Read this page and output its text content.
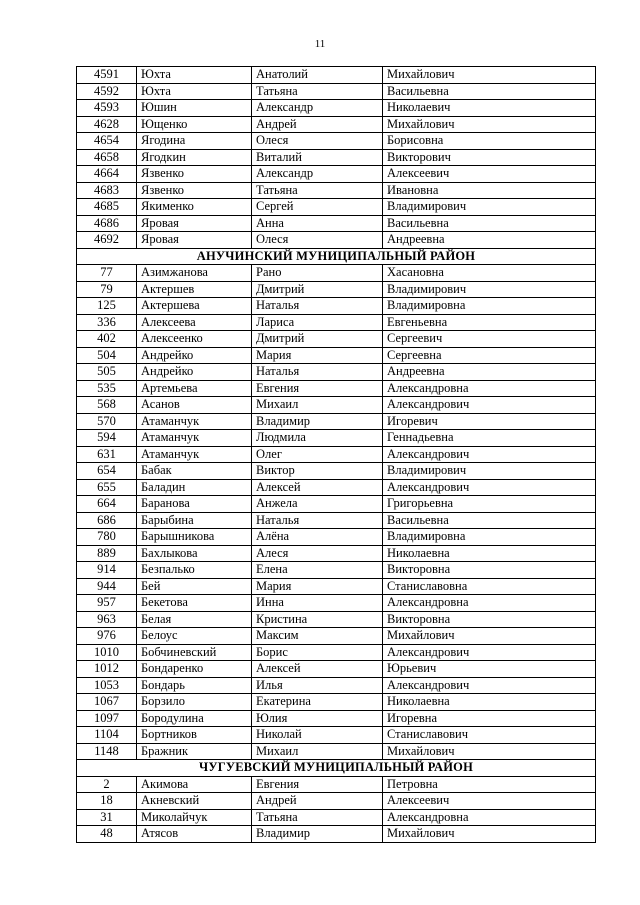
11
4591	Юхта	Анатолий	Михайлович
4592	Юхта	Татьяна	Васильевна
4593	Юшин	Александр	Николаевич
4628	Ющенко	Андрей	Михайлович
4654	Ягодина	Олеся	Борисовна
4658	Ягодкин	Виталий	Викторович
4664	Язвенко	Александр	Алексеевич
4683	Язвенко	Татьяна	Ивановна
4685	Якименко	Сергей	Владимирович
4686	Яровая	Анна	Васильевна
4692	Яровая	Олеся	Андреевна
АНУЧИНСКИЙ МУНИЦИПАЛЬНЫЙ РАЙОН			
77	Азимжанова	Рано	Хасановна
79	Актершев	Дмитрий	Владимирович
125	Актершева	Наталья	Владимировна
336	Алексеева	Лариса	Евгеньевна
402	Алексеенко	Дмитрий	Сергеевич
504	Андрейко	Мария	Сергеевна
505	Андрейко	Наталья	Андреевна
535	Артемьева	Евгения	Александровна
568	Асанов	Михаил	Александрович
570	Атаманчук	Владимир	Игоревич
594	Атаманчук	Людмила	Геннадьевна
631	Атаманчук	Олег	Александрович
654	Бабак	Виктор	Владимирович
655	Баладин	Алексей	Александрович
664	Баранова	Анжела	Григорьевна
686	Барыбина	Наталья	Васильевна
780	Барышникова	Алёна	Владимировна
889	Бахлыкова	Алеся	Николаевна
914	Безпалько	Елена	Викторовна
944	Бей	Мария	Станиславовна
957	Бекетова	Инна	Александровна
963	Белая	Кристина	Викторовна
976	Белоус	Максим	Михайлович
1010	Бобчиневский	Борис	Александрович
1012	Бондаренко	Алексей	Юрьевич
1053	Бондарь	Илья	Александрович
1067	Борзило	Екатерина	Николаевна
1097	Бородулина	Юлия	Игоревна
1104	Бортников	Николай	Станиславович
1148	Бражник	Михаил	Михайлович
ЧУГУЕВСКИЙ МУНИЦИПАЛЬНЫЙ РАЙОН			
2	Акимова	Евгения	Петровна
18	Акневский	Андрей	Алексеевич
31	Миколайчук	Татьяна	Александровна
48	Атясов	Владимир	Михайлович
